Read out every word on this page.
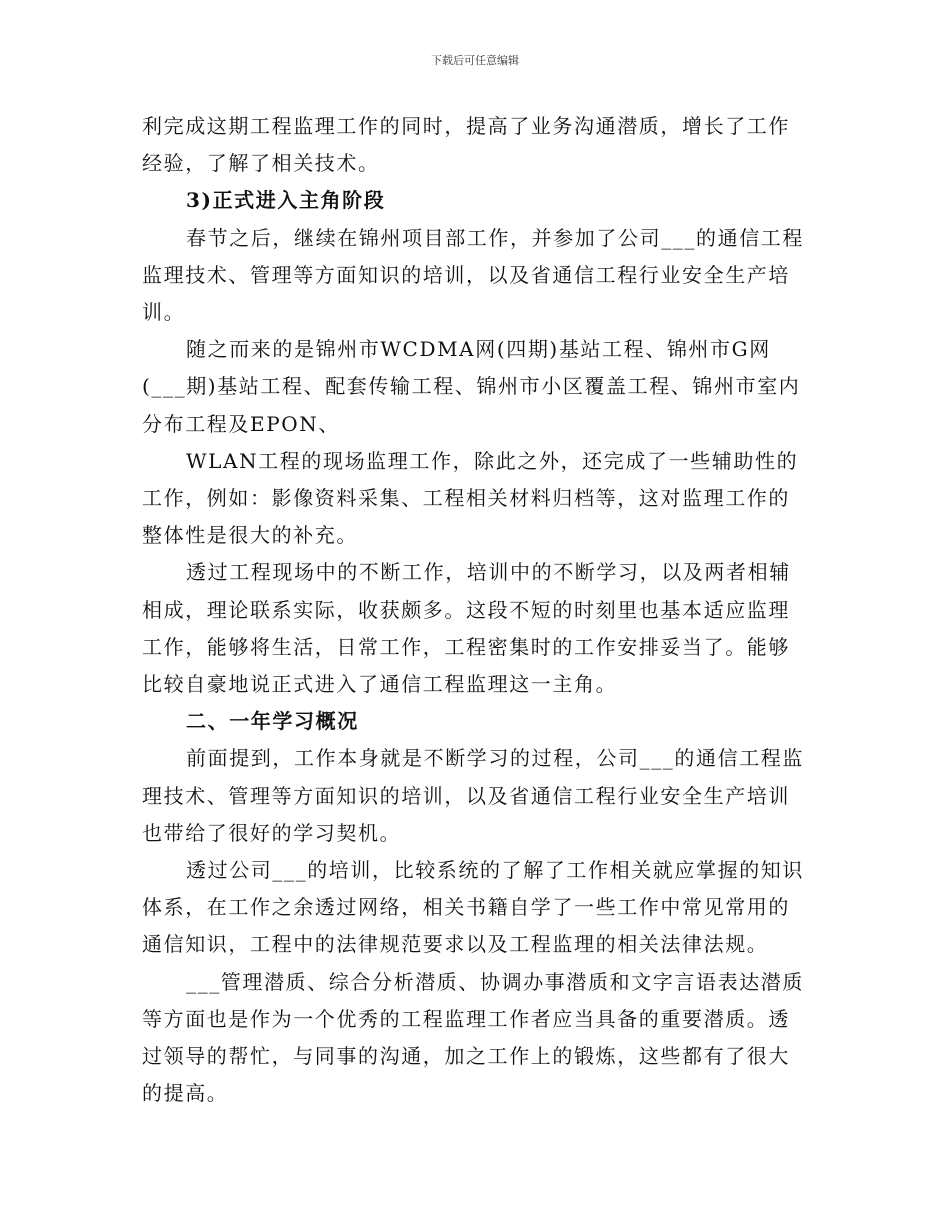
下载后可任意编辑

利完成这期工程监理工作的同时，提高了业务沟通潜质，增长了工作经验，了解了相关技术。

3)正式进入主角阶段

春节之后，继续在锦州项目部工作，并参加了公司___的通信工程监理技术、管理等方面知识的培训，以及省通信工程行业安全生产培训。

随之而来的是锦州市WCDMA网(四期)基站工程、锦州市G网(___期)基站工程、配套传输工程、锦州市小区覆盖工程、锦州市室内分布工程及EPON、

WLAN工程的现场监理工作，除此之外，还完成了一些辅助性的工作，例如：影像资料采集、工程相关材料归档等，这对监理工作的整体性是很大的补充。

透过工程现场中的不断工作，培训中的不断学习，以及两者相辅相成，理论联系实际，收获颇多。这段不短的时刻里也基本适应监理工作，能够将生活，日常工作，工程密集时的工作安排妥当了。能够比较自豪地说正式进入了通信工程监理这一主角。

二、一年学习概况

前面提到，工作本身就是不断学习的过程，公司___的通信工程监理技术、管理等方面知识的培训，以及省通信工程行业安全生产培训也带给了很好的学习契机。

透过公司___的培训，比较系统的了解了工作相关就应掌握的知识体系，在工作之余透过网络，相关书籍自学了一些工作中常见常用的通信知识，工程中的法律规范要求以及工程监理的相关法律法规。

___管理潜质、综合分析潜质、协调办事潜质和文字言语表达潜质等方面也是作为一个优秀的工程监理工作者应当具备的重要潜质。透过领导的帮忙，与同事的沟通，加之工作上的锻炼，这些都有了很大的提高。
